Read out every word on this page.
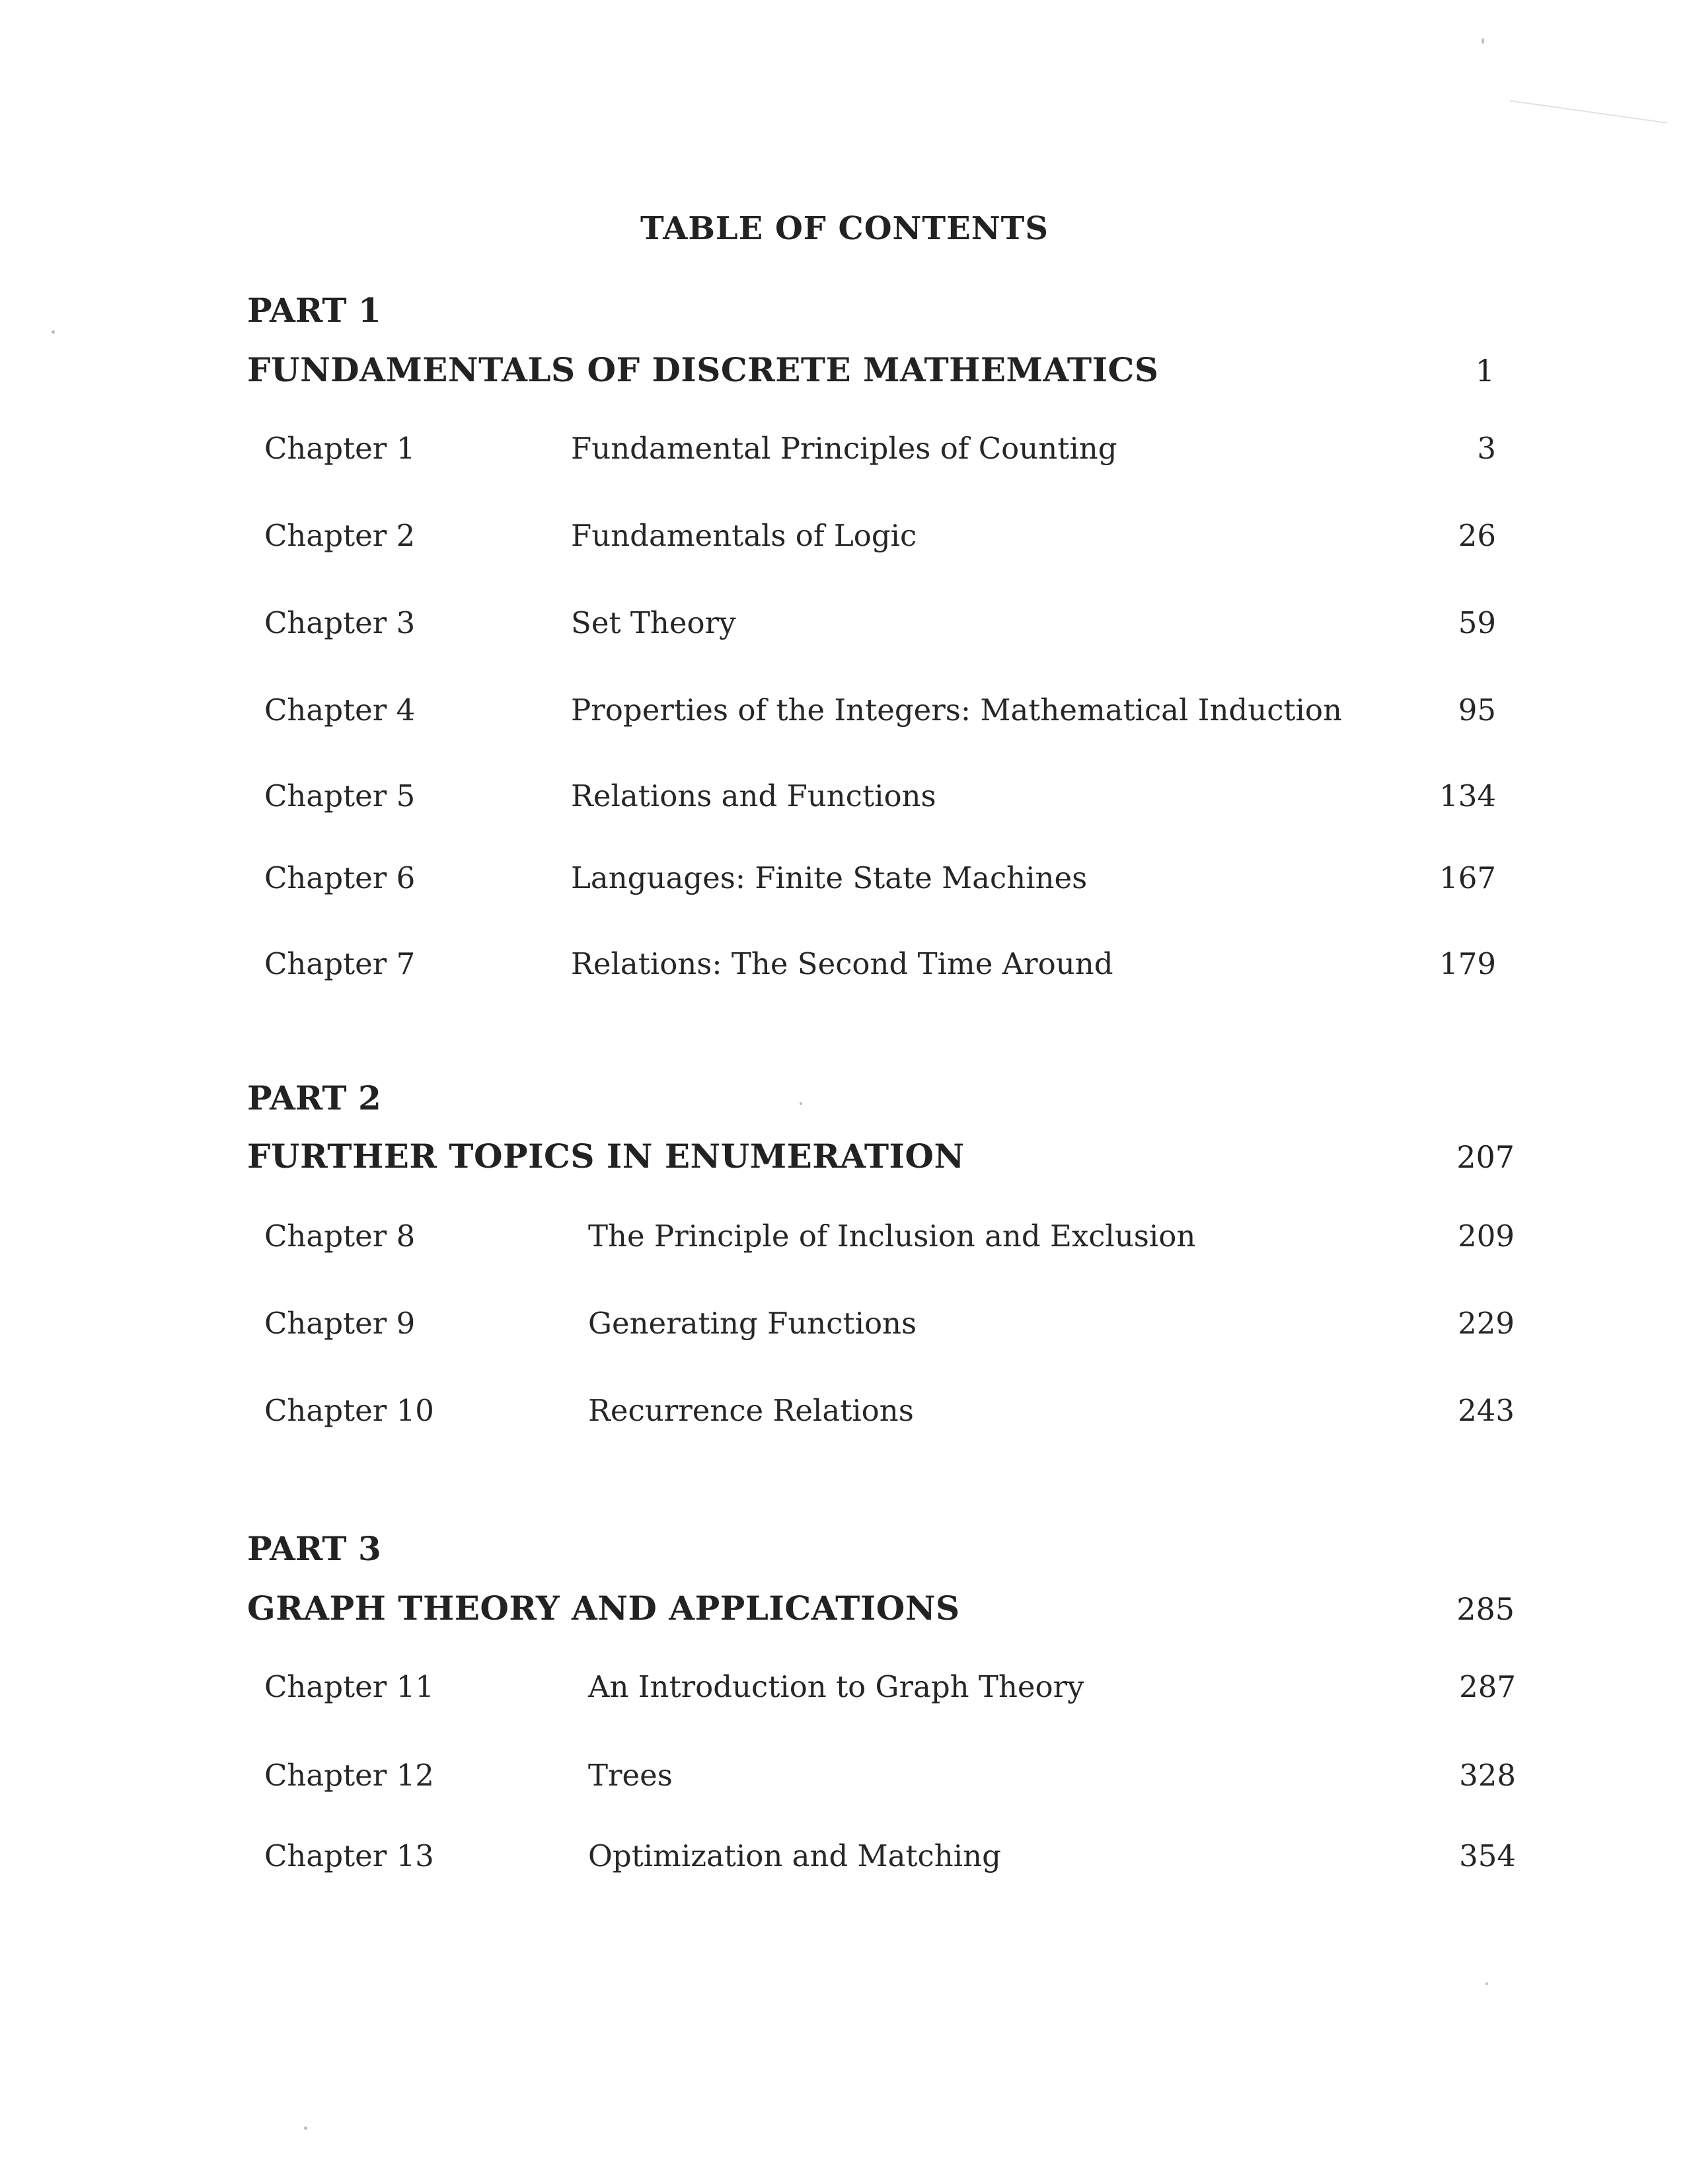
TABLE OF CONTENTS
PART 1
FUNDAMENTALS OF DISCRETE MATHEMATICS	1
Chapter 1	Fundamental Principles of Counting	3
Chapter 2	Fundamentals of Logic	26
Chapter 3	Set Theory	59
Chapter 4	Properties of the Integers: Mathematical Induction	95
Chapter 5	Relations and Functions	134
Chapter 6	Languages: Finite State Machines	167
Chapter 7	Relations: The Second Time Around	179
PART 2
FURTHER TOPICS IN ENUMERATION	207
Chapter 8	The Principle of Inclusion and Exclusion	209
Chapter 9	Generating Functions	229
Chapter 10	Recurrence Relations	243
PART 3
GRAPH THEORY AND APPLICATIONS	285
Chapter 11	An Introduction to Graph Theory	287
Chapter 12	Trees	328
Chapter 13	Optimization and Matching	354
